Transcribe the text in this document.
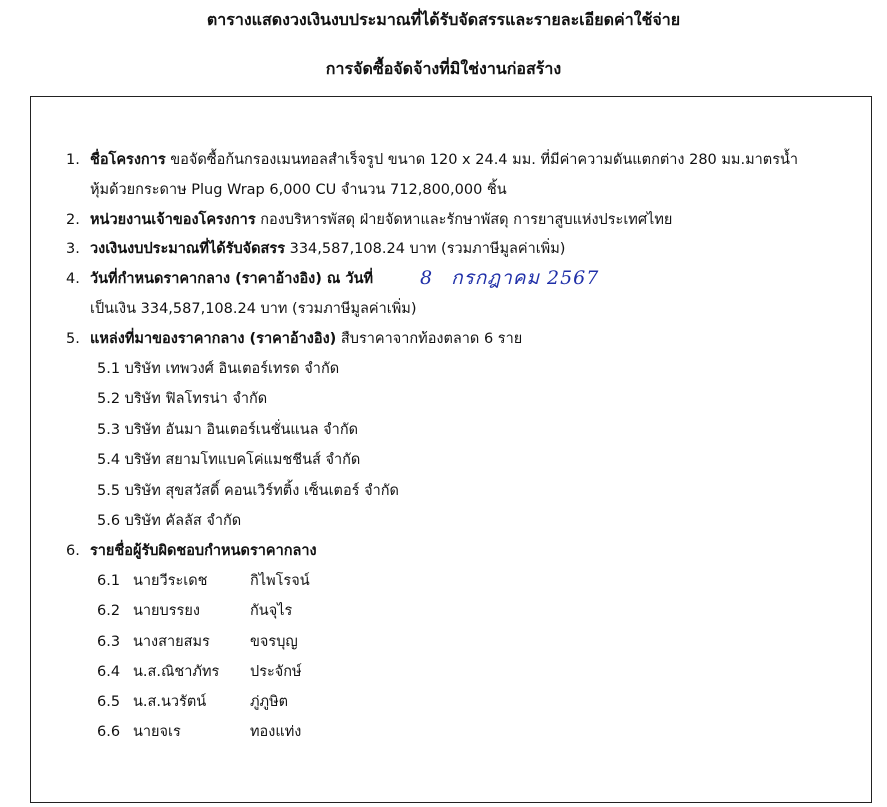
ตารางแสดงวงเงินงบประมาณที่ได้รับจัดสรรและรายละเอียดค่าใช้จ่าย
การจัดซื้อจัดจ้างที่มิใช่งานก่อสร้าง
1. ชื่อโครงการ ขอจัดซื้อก้นกรองเมนทอลสำเร็จรูป ขนาด 120 x 24.4 มม. ที่มีค่าความดันแตกต่าง 280 มม.มาตรน้ำ
หุ้มด้วยกระดาษ Plug Wrap 6,000 CU จำนวน 712,800,000 ชิ้น
2. หน่วยงานเจ้าของโครงการ กองบริหารพัสดุ ฝ่ายจัดหาและรักษาพัสดุ การยาสูบแห่งประเทศไทย
3. วงเงินงบประมาณที่ได้รับจัดสรร 334,587,108.24 บาท (รวมภาษีมูลค่าเพิ่ม)
4. วันที่กำหนดราคากลาง (ราคาอ้างอิง) ณ วันที่ 8 กรกฎาคม 2567
เป็นเงิน 334,587,108.24 บาท (รวมภาษีมูลค่าเพิ่ม)
5. แหล่งที่มาของราคากลาง (ราคาอ้างอิง) สืบราคาจากท้องตลาด 6 ราย
5.1 บริษัท เทพวงศ์ อินเตอร์เทรด จำกัด
5.2 บริษัท ฟิลโทรน่า จำกัด
5.3 บริษัท อันมา อินเตอร์เนชั่นแนล จำกัด
5.4 บริษัท สยามโทแบคโค่แมชชีนส์ จำกัด
5.5 บริษัท สุขสวัสดิ์ คอนเวิร์ทติ้ง เซ็นเตอร์ จำกัด
5.6 บริษัท คัลลัส จำกัด
6. รายชื่อผู้รับผิดชอบกำหนดราคากลาง
6.1 นายวีระเดช	กิไพโรจน์
6.2 นายบรรยง	กันจุไร
6.3 นางสายสมร	ขจรบุญ
6.4 น.ส.ณิชาภัทร ประจักษ์
6.5 น.ส.นวรัตน์	ภู่ภูษิต
6.6 นายจเร	ทองแท่ง
